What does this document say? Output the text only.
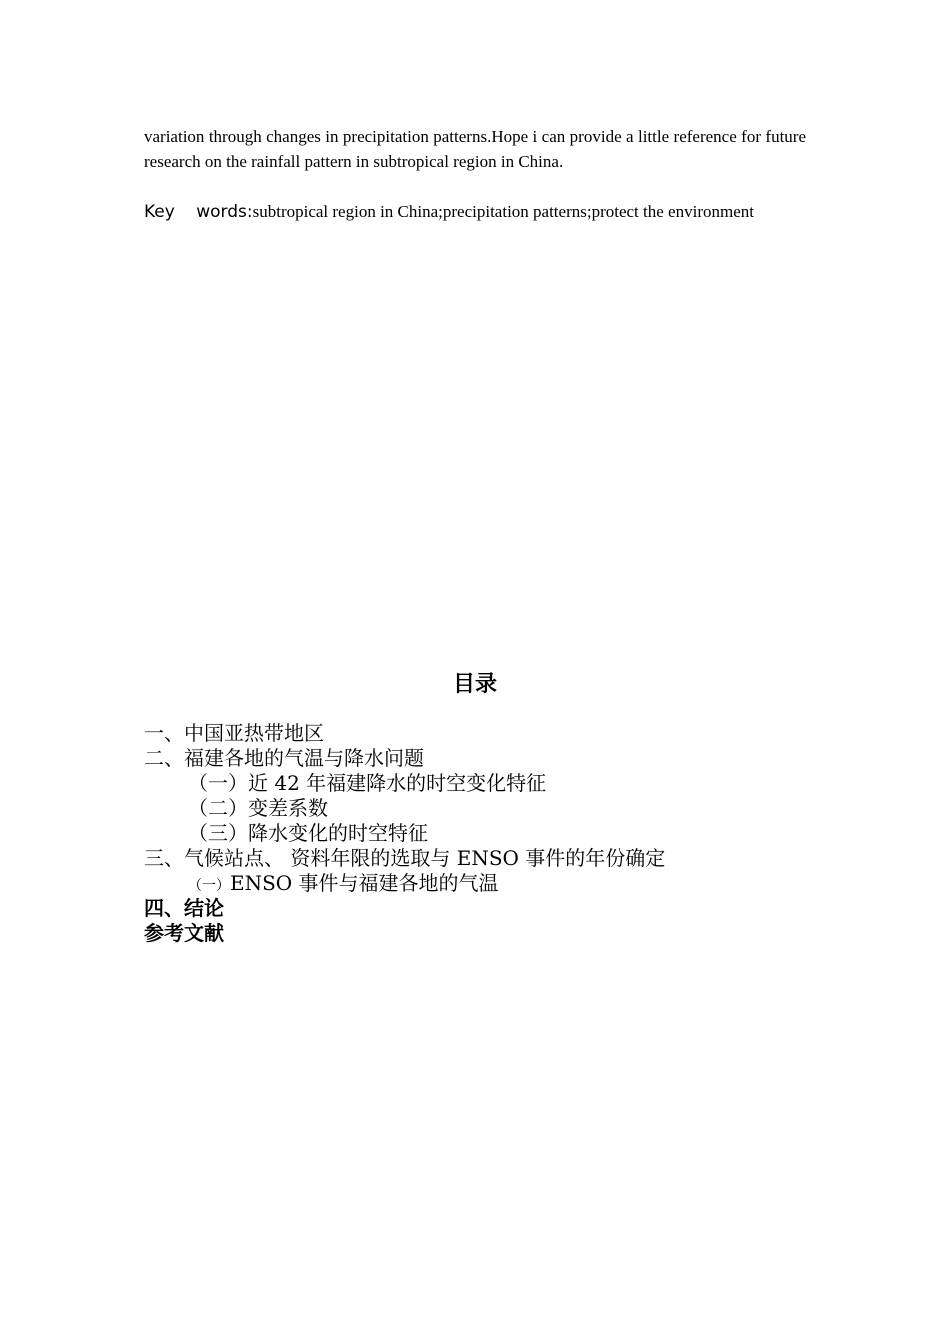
variation through changes in precipitation patterns.Hope i can provide a little reference for future research on the rainfall pattern in subtropical region in China.

Key words:subtropical region in China;precipitation patterns;protect the environment

目录
一、中国亚热带地区
二、福建各地的气温与降水问题
（一）近 42 年福建降水的时空变化特征
（二）变差系数
（三）降水变化的时空特征
三、气候站点、 资料年限的选取与 ENSO 事件的年份确定
（一）ENSO 事件与福建各地的气温
四、结论
参考文献
